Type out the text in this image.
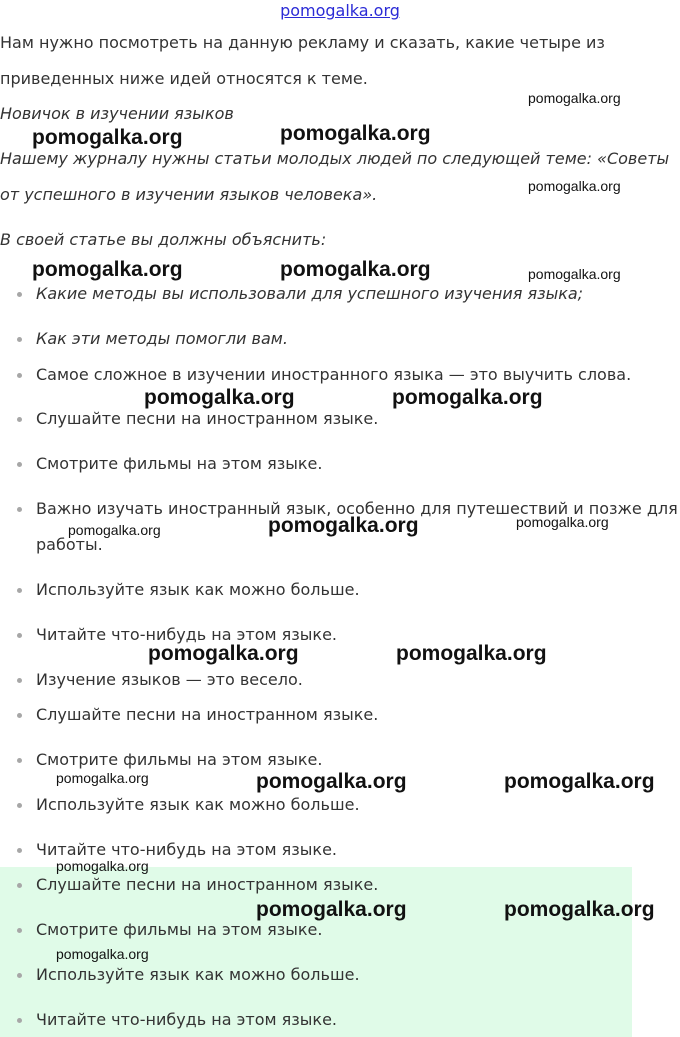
pomogalka.org
Нам нужно посмотреть на данную рекламу и сказать, какие четыре из
приведенных ниже идей относятся к теме.
Новичок в изучении языков
Нашему журналу нужны статьи молодых людей по следующей теме: «Советы
от успешного в изучении языков человека».
В своей статье вы должны объяснить:
Какие методы вы использовали для успешного изучения языка;
Как эти методы помогли вам.
Самое сложное в изучении иностранного языка — это выучить слова.
Слушайте песни на иностранном языке.
Смотрите фильмы на этом языке.
Важно изучать иностранный язык, особенно для путешествий и позже для
работы.
Используйте язык как можно больше.
Читайте что-нибудь на этом языке.
Изучение языков — это весело.
Слушайте песни на иностранном языке.
Смотрите фильмы на этом языке.
Используйте язык как можно больше.
Читайте что-нибудь на этом языке.
Слушайте песни на иностранном языке.
Смотрите фильмы на этом языке.
Используйте язык как можно больше.
Читайте что-нибудь на этом языке.
pomogalka.org
pomogalka.org	pomogalka.org
pomogalka.org
pomogalka.org	pomogalka.org	pomogalka.org
pomogalka.org	pomogalka.org
pomogalka.org	pomogalka.org	pomogalka.org
pomogalka.org	pomogalka.org
pomogalka.org	pomogalka.org	pomogalka.org
pomogalka.org
pomogalka.org	pomogalka.org
pomogalka.org
